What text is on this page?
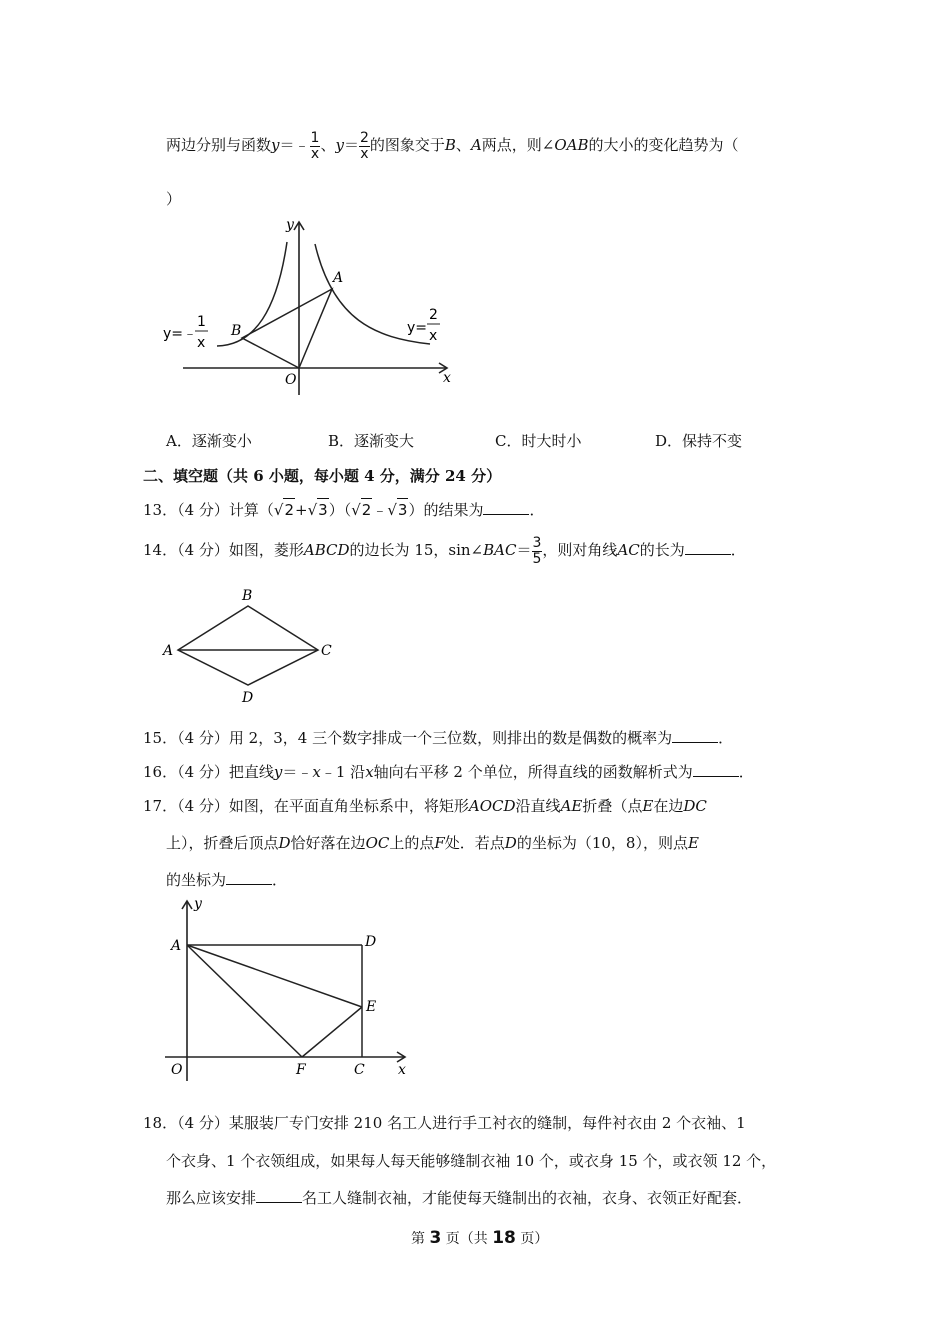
两边分别与函数y＝﹣ $\frac{1}{x}$ 、$y= \frac{2}{x}$ 的图象交于B、A两点，则∠OAB的大小的变化趋势为（
）
y
x
O
A
B
y=﹣
1
x
y=
2
x
A．逐渐变小	B．逐渐变大	C．时大时小	D．保持不变
二、填空题（共 6 小题，每小题 4 分，满分 24 分）
13．（4 分）计算（√2+√3）（√2﹣√3）的结果为	．
14．（4 分）如图，菱形ABCD的边长为 15，sin∠BAC＝ $\frac{3}{5}$ ，则对角线AC的长为	．
A
B
C
D
15．（4 分）用 2，3，4 三个数字排成一个三位数，则排出的数是偶数的概率为	．
16．（4 分）把直线y＝﹣x﹣1 沿x轴向右平移 2 个单位，所得直线的函数解析式为	．
17．（4 分）如图，在平面直角坐标系中，将矩形AOCD沿直线AE折叠（点E在边DC
上），折叠后顶点D恰好落在边OC上的点F处．若点D的坐标为（10，8），则点E
的坐标为	．
y
A	D
E
O	F	C x
18．（4 分）某服装厂专门安排 210 名工人进行手工衬衣的缝制，每件衬衣由 2 个衣袖、1
个衣身、1 个衣领组成，如果每人每天能够缝制衣袖 10 个，或衣身 15 个，或衣领 12 个，
那么应该安排	名工人缝制衣袖，才能使每天缝制出的衣袖，衣身、衣领正好配套．
第 3 页（共 18 页）
